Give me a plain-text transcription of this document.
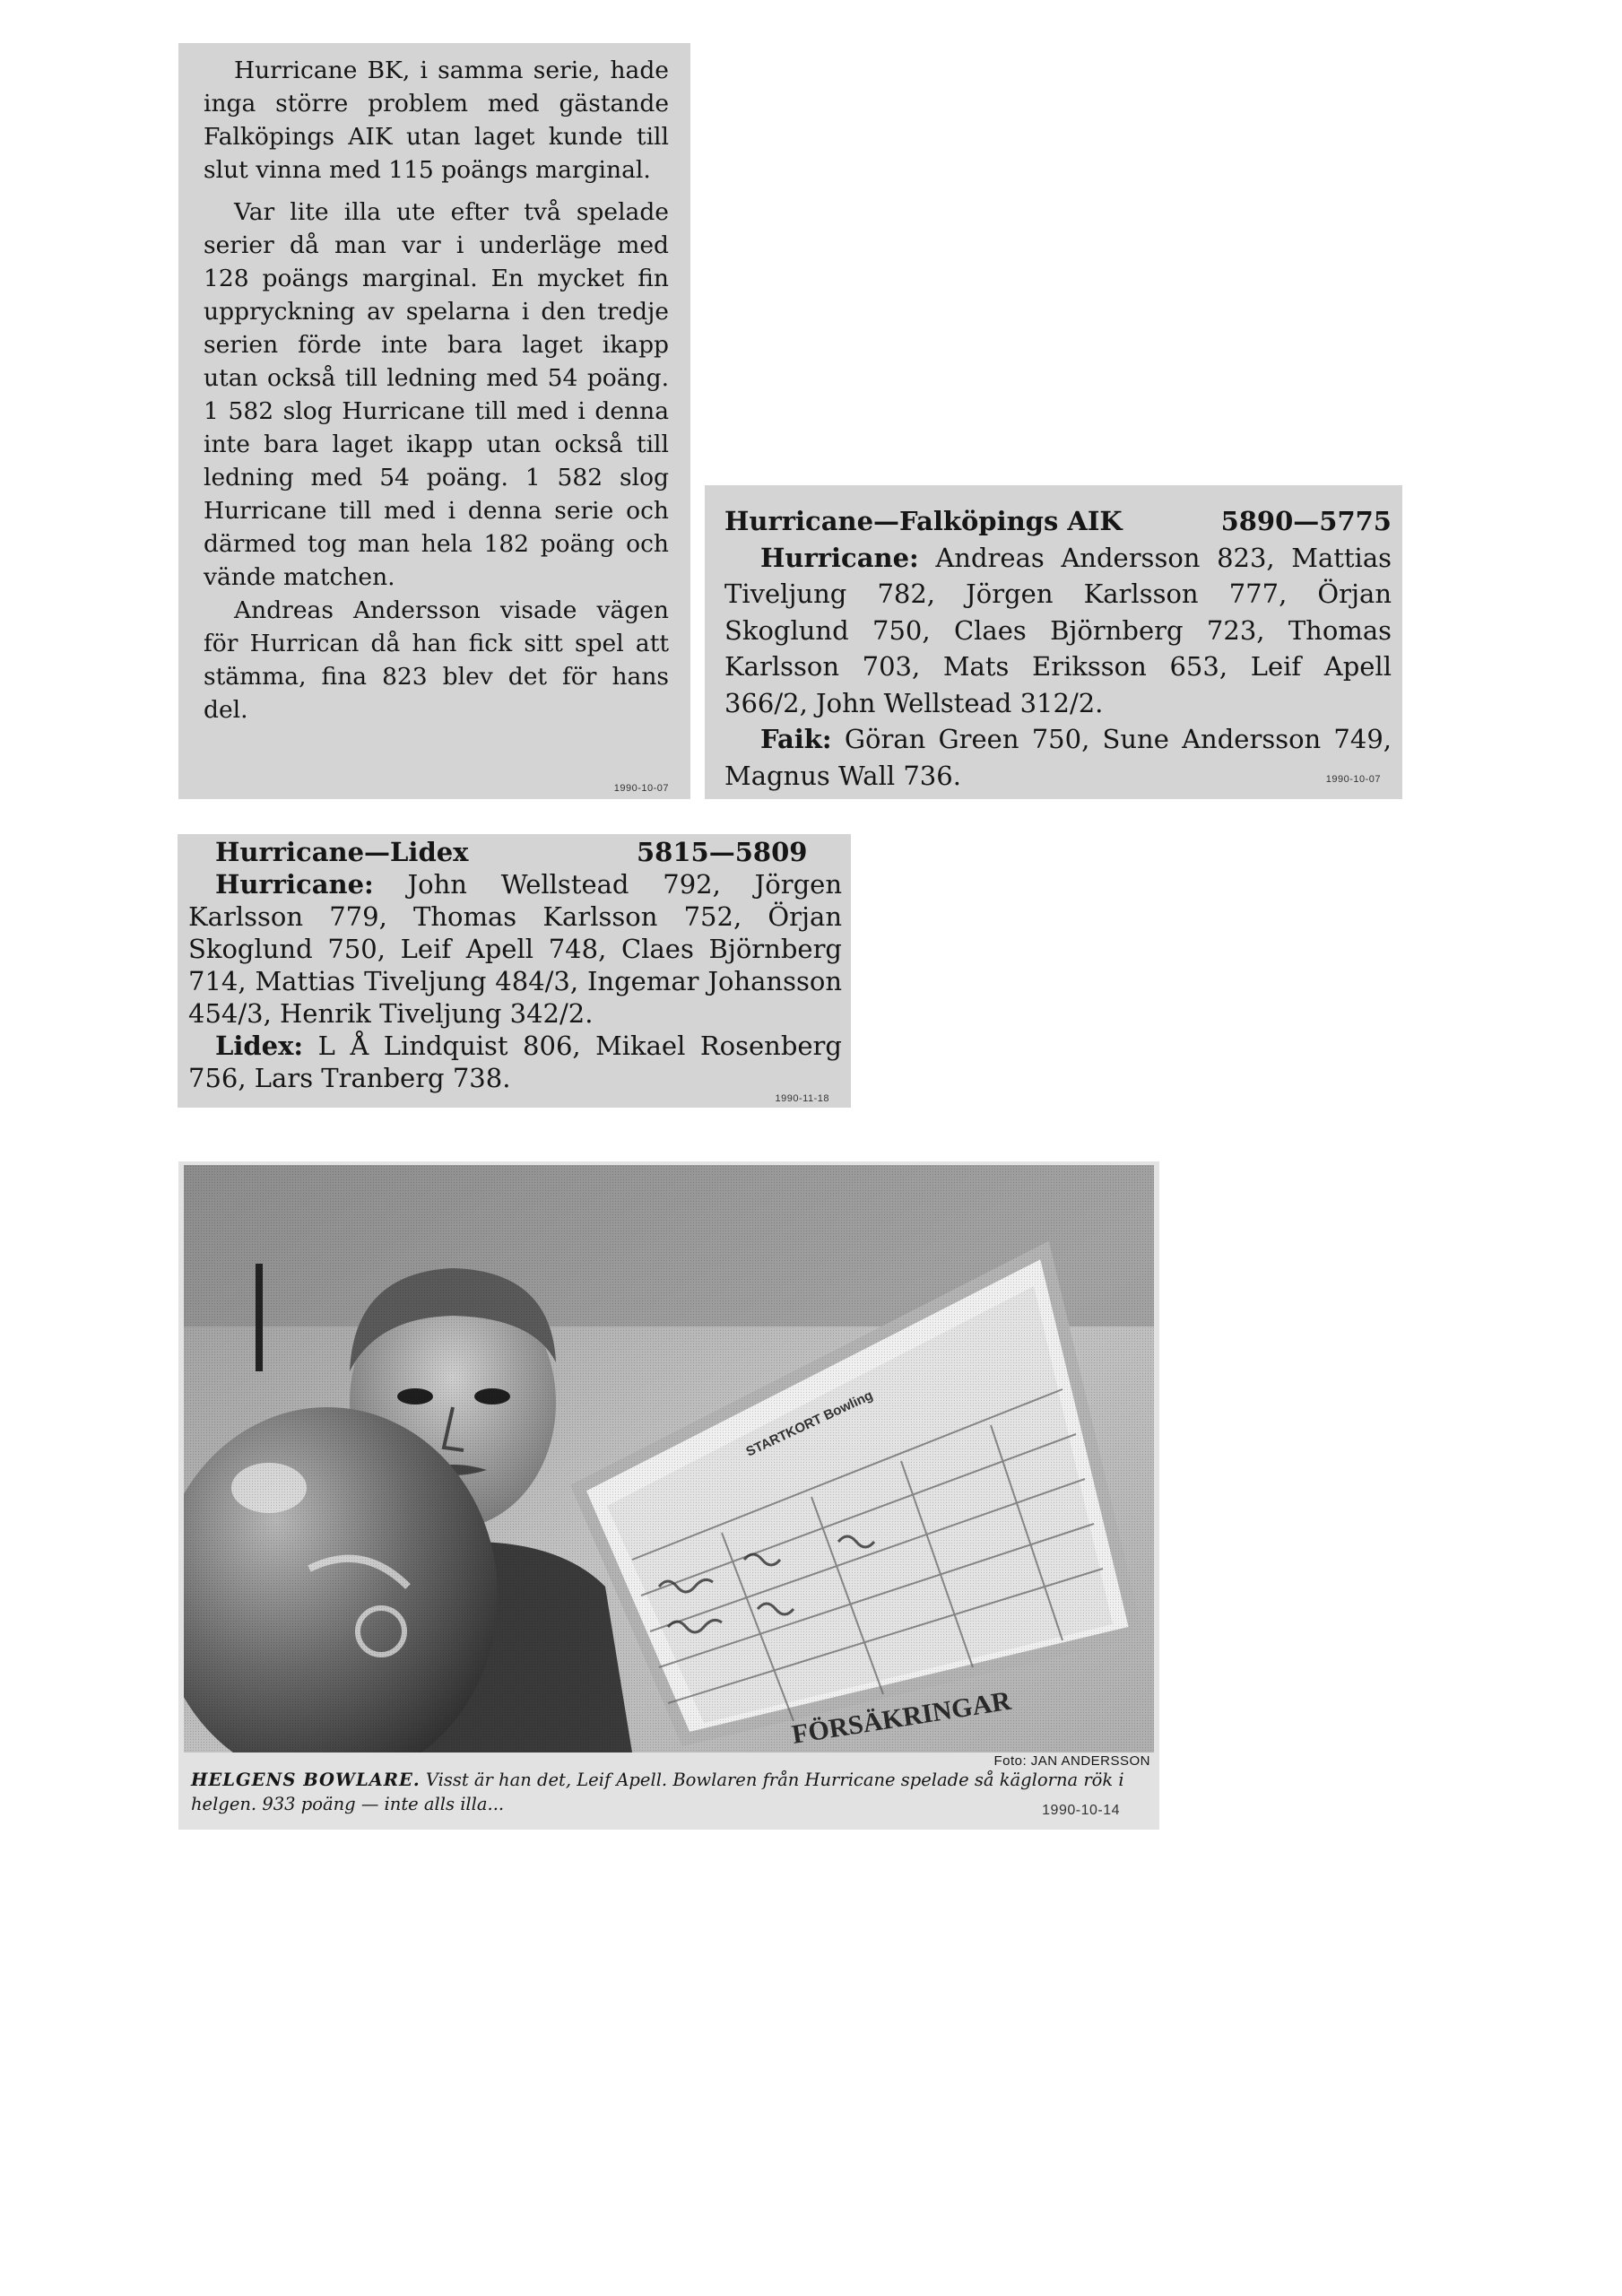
Hurricane BK, i samma serie, hade inga större problem med gästande Falköpings AIK utan laget kunde till slut vinna med 115 poängs marginal.

Var lite illa ute efter två spelade serier då man var i underläge med 128 poängs marginal. En mycket fin uppryckning av spelarna i den tredje serien förde inte bara laget ikapp utan också till ledning med 54 poäng. 1 582 slog Hurricane till med i denna inte bara laget ikapp utan också till ledning med 54 poäng. 1 582 slog Hurricane till med i denna serie och därmed tog man hela 182 poäng och vände matchen.

Andreas Andersson visade vägen för Hurrican då han fick sitt spel att stämma, fina 823 blev det för hans del.

1990-10-07

Hurricane—Falköpings AIK	5890—5775

Hurricane: Andreas Andersson 823, Mattias Tiveljung 782, Jörgen Karlsson 777, Örjan Skoglund 750, Claes Björnberg 723, Thomas Karlsson 703, Mats Eriksson 653, Leif Apell 366/2, John Wellstead 312/2.

Faik: Göran Green 750, Sune Andersson 749, Magnus Wall 736.	1990-10-07

Hurricane—Lidex	5815—5809

Hurricane: John Wellstead 792, Jörgen Karlsson 779, Thomas Karlsson 752, Örjan Skoglund 750, Leif Apell 748, Claes Björnberg 714, Mattias Tiveljung 484/3, Ingemar Johansson 454/3, Henrik Tiveljung 342/2.

Lidex: L Å Lindquist 806, Mikael Rosenberg 756, Lars Tranberg 738.

1990-11-18
Foto: JAN ANDERSSON

HELGENS BOWLARE. Visst är han det, Leif Apell. Bowlaren från Hurricane spelade så käglorna rök i helgen. 933 poäng — inte alls illa...	1990-10-14
